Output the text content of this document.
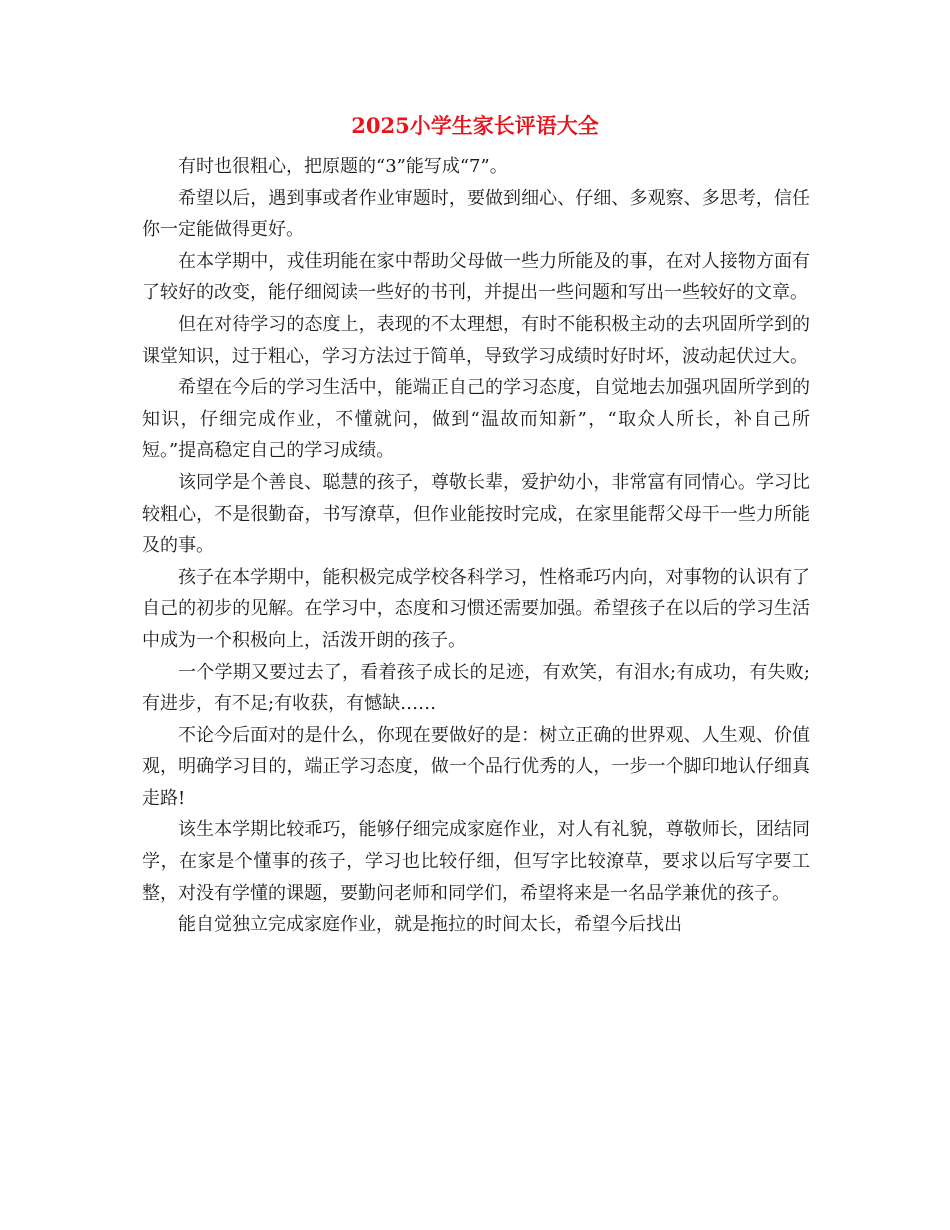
2025小学生家长评语大全

有时也很粗心，把原题的“3”能写成“7”。

希望以后，遇到事或者作业审题时，要做到细心、仔细、多观察、多思考，信任你一定能做得更好。

在本学期中，戎佳玥能在家中帮助父母做一些力所能及的事，在对人接物方面有了较好的改变，能仔细阅读一些好的书刊，并提出一些问题和写出一些较好的文章。

但在对待学习的态度上，表现的不太理想，有时不能积极主动的去巩固所学到的课堂知识，过于粗心，学习方法过于简单，导致学习成绩时好时坏，波动起伏过大。

希望在今后的学习生活中，能端正自己的学习态度，自觉地去加强巩固所学到的知识，仔细完成作业，不懂就问，做到“温故而知新”，“取众人所长，补自己所短。”提高稳定自己的学习成绩。

该同学是个善良、聪慧的孩子，尊敬长辈，爱护幼小，非常富有同情心。学习比较粗心，不是很勤奋，书写潦草，但作业能按时完成，在家里能帮父母干一些力所能及的事。

孩子在本学期中，能积极完成学校各科学习，性格乖巧内向，对事物的认识有了自己的初步的见解。在学习中，态度和习惯还需要加强。希望孩子在以后的学习生活中成为一个积极向上，活泼开朗的孩子。

一个学期又要过去了，看着孩子成长的足迹，有欢笑，有泪水;有成功，有失败;有进步，有不足;有收获，有憾缺……

不论今后面对的是什么，你现在要做好的是：树立正确的世界观、人生观、价值观，明确学习目的，端正学习态度，做一个品行优秀的人，一步一个脚印地认仔细真走路!

该生本学期比较乖巧，能够仔细完成家庭作业，对人有礼貌，尊敬师长，团结同学，在家是个懂事的孩子，学习也比较仔细，但写字比较潦草，要求以后写字要工整，对没有学懂的课题，要勤问老师和同学们，希望将来是一名品学兼优的孩子。

能自觉独立完成家庭作业，就是拖拉的时间太长，希望今后找出
